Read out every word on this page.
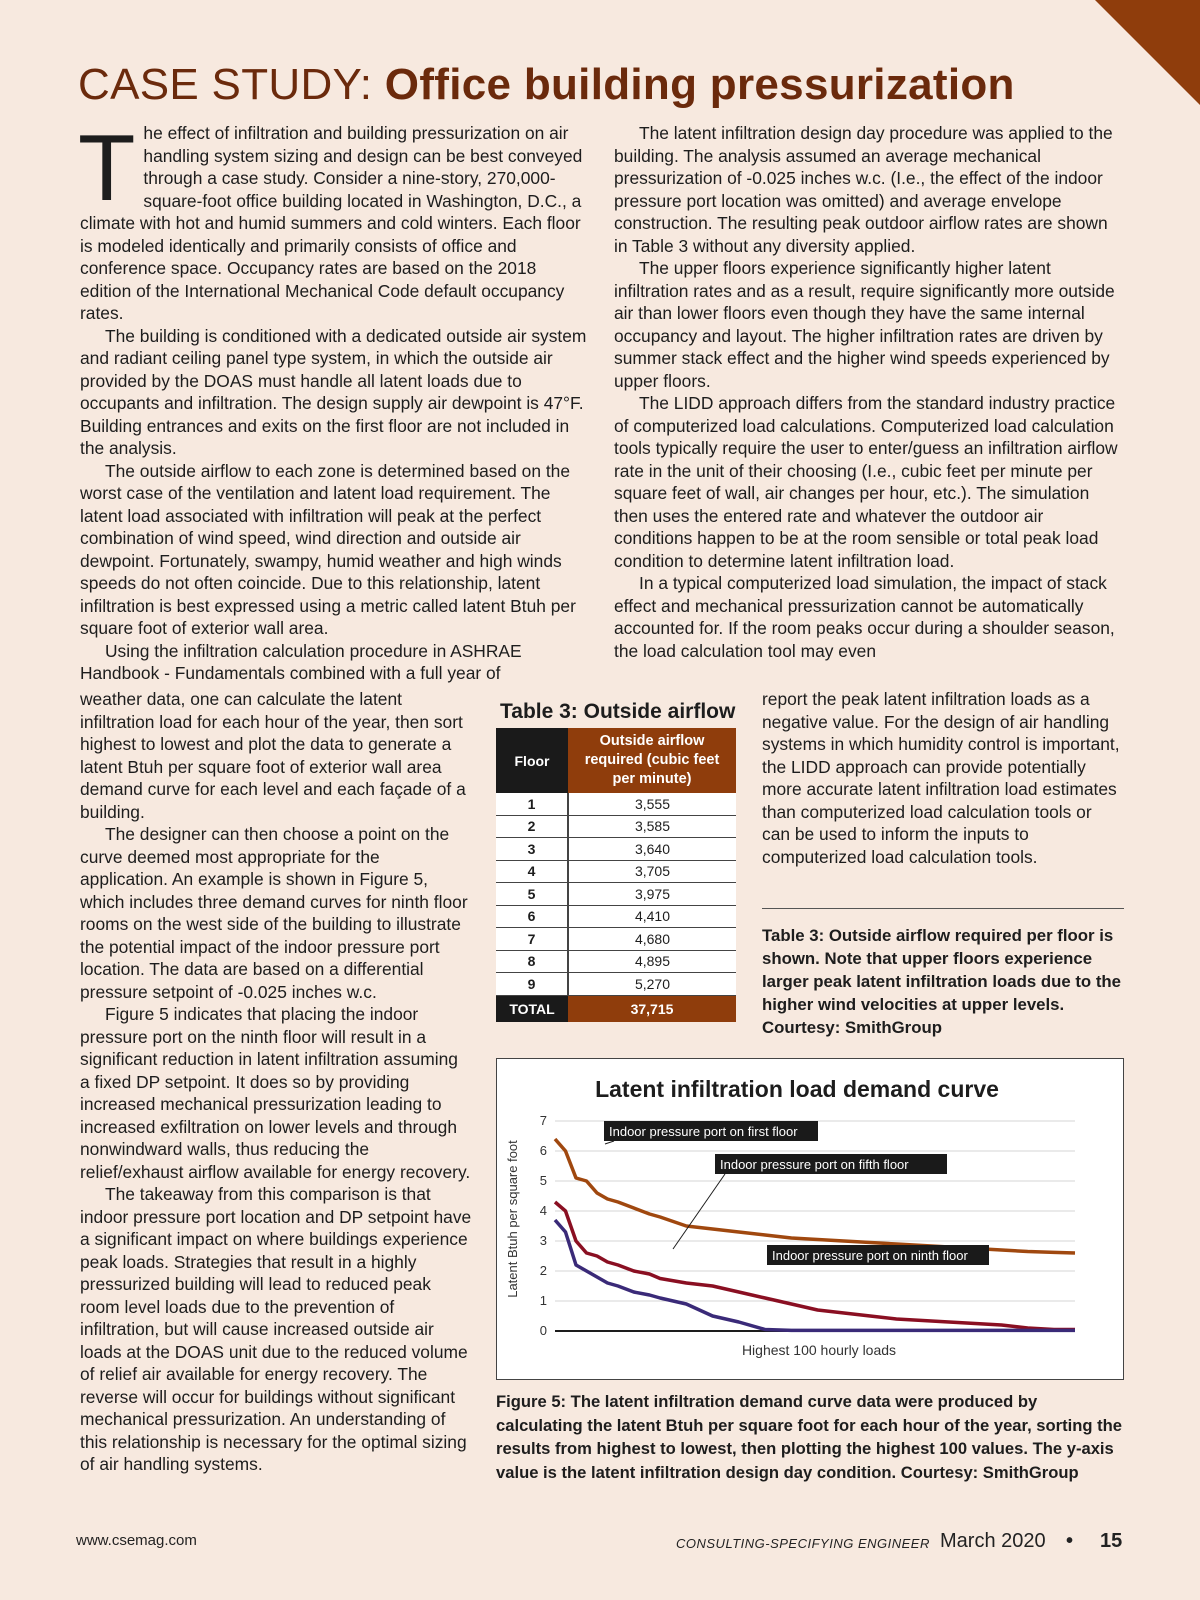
CASE STUDY: Office building pressurization
T he effect of infiltration and building pressurization on air handling system sizing and design can be best conveyed through a case study. Consider a nine-story, 270,000-square-foot office building located in Washington, D.C., a climate with hot and humid summers and cold winters. Each floor is modeled identically and primarily consists of office and conference space. Occupancy rates are based on the 2018 edition of the International Mechanical Code default occupancy rates.

The building is conditioned with a dedicated outside air system and radiant ceiling panel type system, in which the outside air provided by the DOAS must handle all latent loads due to occupants and infiltration. The design supply air dewpoint is 47°F. Building entrances and exits on the first floor are not included in the analysis.

The outside airflow to each zone is determined based on the worst case of the ventilation and latent load requirement. The latent load associated with infiltration will peak at the perfect combination of wind speed, wind direction and outside air dewpoint. Fortunately, swampy, humid weather and high winds speeds do not often coincide. Due to this relationship, latent infiltration is best expressed using a metric called latent Btuh per square foot of exterior wall area.

Using the infiltration calculation procedure in ASHRAE Handbook - Fundamentals combined with a full year of

weather data, one can calculate the latent infiltration load for each hour of the year, then sort highest to lowest and plot the data to generate a latent Btuh per square foot of exterior wall area demand curve for each level and each façade of a building.

The designer can then choose a point on the curve deemed most appropriate for the application. An example is shown in Figure 5, which includes three demand curves for ninth floor rooms on the west side of the building to illustrate the potential impact of the indoor pressure port location. The data are based on a differential pressure setpoint of -0.025 inches w.c.

Figure 5 indicates that placing the indoor pressure port on the ninth floor will result in a significant reduction in latent infiltration assuming a fixed DP setpoint. It does so by providing increased mechanical pressurization leading to increased exfiltration on lower levels and through nonwindward walls, thus reducing the relief/exhaust airflow available for energy recovery.

The takeaway from this comparison is that indoor pressure port location and DP setpoint have a significant impact on where buildings experience peak loads. Strategies that result in a highly pressurized building will lead to reduced peak room level loads due to the prevention of infiltration, but will cause increased outside air loads at the DOAS unit due to the reduced volume of relief air available for energy recovery. The reverse will occur for buildings without significant mechanical pressurization. An understanding of this relationship is necessary for the optimal sizing of air handling systems.

The latent infiltration design day procedure was applied to the building. The analysis assumed an average mechanical pressurization of -0.025 inches w.c. (I.e., the effect of the indoor pressure port location was omitted) and average envelope construction. The resulting peak outdoor airflow rates are shown in Table 3 without any diversity applied.

The upper floors experience significantly higher latent infiltration rates and as a result, require significantly more outside air than lower floors even though they have the same internal occupancy and layout. The higher infiltration rates are driven by summer stack effect and the higher wind speeds experienced by upper floors.

The LIDD approach differs from the standard industry practice of computerized load calculations. Computerized load calculation tools typically require the user to enter/guess an infiltration airflow rate in the unit of their choosing (I.e., cubic feet per minute per square feet of wall, air changes per hour, etc.). The simulation then uses the entered rate and whatever the outdoor air conditions happen to be at the room sensible or total peak load condition to determine latent infiltration load.

In a typical computerized load simulation, the impact of stack effect and mechanical pressurization cannot be automatically accounted for. If the room peaks occur during a shoulder season, the load calculation tool may even

report the peak latent infiltration loads as a negative value. For the design of air handling systems in which humidity control is important, the LIDD approach can provide potentially more accurate latent infiltration load estimates than computerized load calculation tools or can be used to inform the inputs to computerized load calculation tools.

Table 3: Outside airflow
Floor	Outside airflow required (cubic feet per minute)
1	3,555
2	3,585
3	3,640
4	3,705
5	3,975
6	4,410
7	4,680
8	4,895
9	5,270
TOTAL	37,715
Table 3: Outside airflow required per floor is shown. Note that upper floors experience larger peak latent infiltration loads due to the higher wind velocities at upper levels. Courtesy: SmithGroup
Latent infiltration load demand curve
0
1
2
3
4
5
6
7
Indoor pressure port on first floor
Indoor pressure port on fifth floor
Indoor pressure port on ninth floor
Latent Btuh per square foot
Highest 100 hourly loads
Figure 5: The latent infiltration demand curve data were produced by calculating the latent Btuh per square foot for each hour of the year, sorting the results from highest to lowest, then plotting the highest 100 values. The y-axis value is the latent infiltration design day condition. Courtesy: SmithGroup
www.csemag.com	CONSULTING-SPECIFYING ENGINEER March 2020 • 15
